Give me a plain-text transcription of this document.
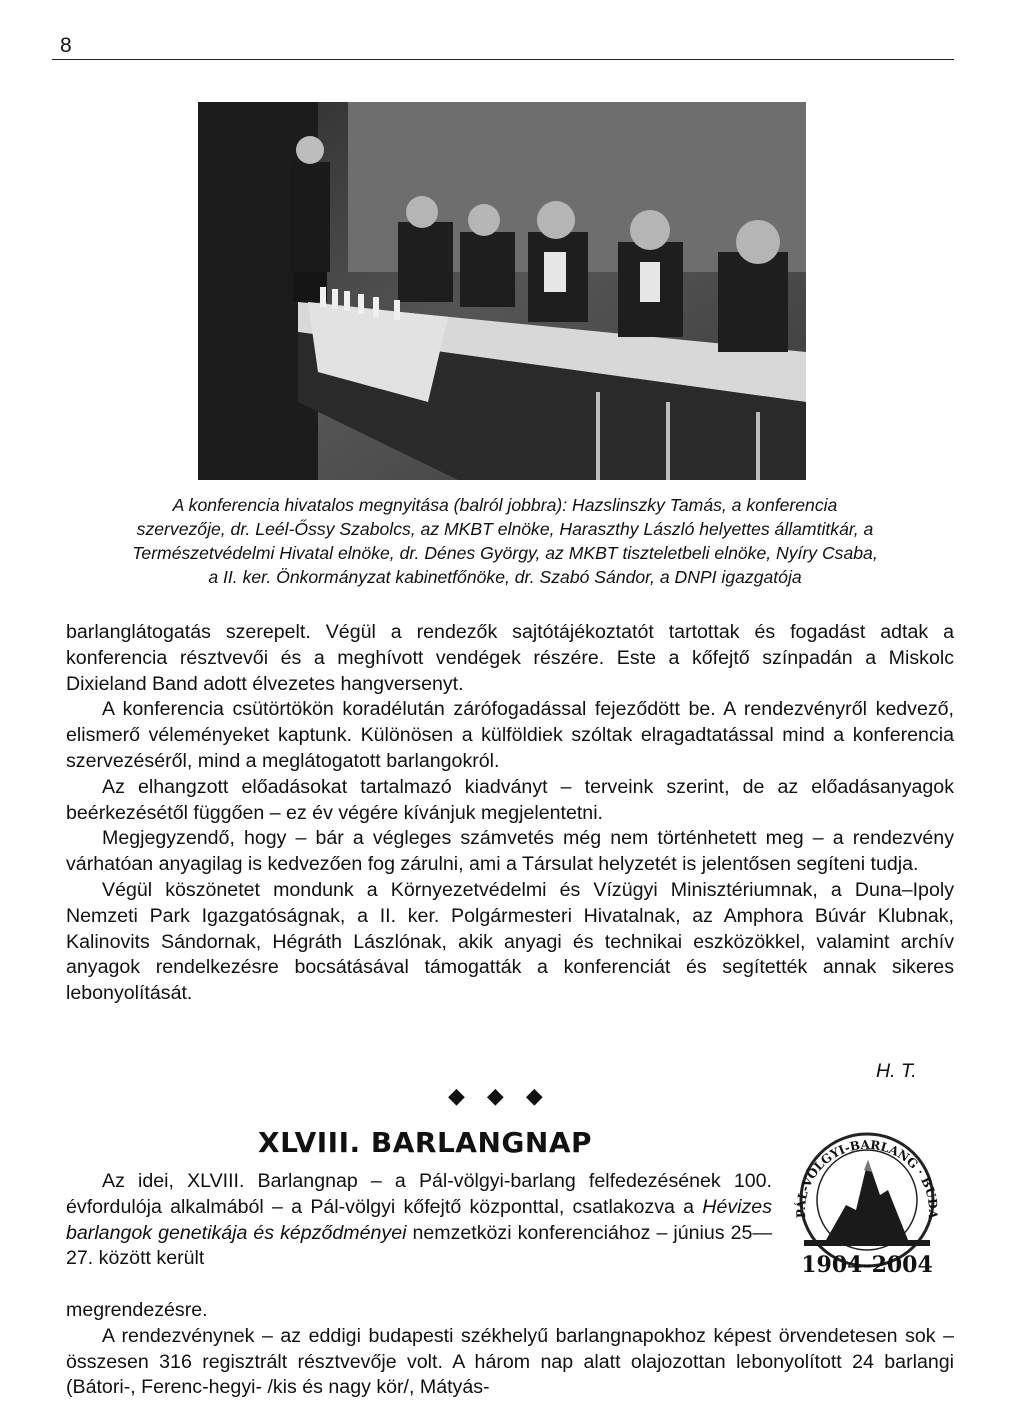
8
A konferencia hivatalos megnyitása (balról jobbra): Hazslinszky Tamás, a konferencia
szervezője, dr. Leél-Őssy Szabolcs, az MKBT elnöke, Haraszthy László helyettes államtitkár, a
Természetvédelmi Hivatal elnöke, dr. Dénes György, az MKBT tiszteletbeli elnöke, Nyíry Csaba,
a II. ker. Önkormányzat kabinetfőnöke, dr. Szabó Sándor, a DNPI igazgatója

barlanglátogatás szerepelt. Végül a rendezők sajtótájékoztatót tartottak és fogadást adtak a konferencia résztvevői és a meghívott vendégek részére. Este a kőfejtő színpadán a Miskolc Dixieland Band adott élvezetes hangversenyt.

A konferencia csütörtökön koradélután zárófogadással fejeződött be. A rendezvényről kedvező, elismerő véleményeket kaptunk. Különösen a külföldiek szóltak elragadtatással mind a konferencia szervezéséről, mind a meglátogatott barlangokról.

Az elhangzott előadásokat tartalmazó kiadványt – terveink szerint, de az előadásanyagok beérkezésétől függően – ez év végére kívánjuk megjelentetni.

Megjegyzendő, hogy – bár a végleges számvetés még nem történhetett meg – a rendezvény várhatóan anyagilag is kedvezően fog zárulni, ami a Társulat helyzetét is jelentősen segíteni tudja.

Végül köszönetet mondunk a Környezetvédelmi és Vízügyi Minisztériumnak, a Duna–Ipoly Nemzeti Park Igazgatóságnak, a II. ker. Polgármesteri Hivatalnak, az Amphora Búvár Klubnak, Kalinovits Sándornak, Hégráth Lászlónak, akik anyagi és technikai eszközökkel, valamint archív anyagok rendelkezésre bocsátásával támogatták a konferenciát és segítették annak sikeres lebonyolítását.

H. T.
◆◆◆
XLVIII. BARLANGNAP
PÁL-VÖLGYI-BARLANG · BUDA
1904-2004

Az idei, XLVIII. Barlangnap – a Pál-völgyi-barlang felfedezésének 100. évfordulója alkalmából – a Pál-völgyi kőfejtő központtal, csatlakozva a Hévizes barlangok genetikája és képződményei nemzetközi konferenciához – június 25—27. között került

megrendezésre.

A rendezvénynek – az eddigi budapesti székhelyű barlangnapokhoz képest örvendetesen sok – összesen 316 regisztrált résztvevője volt. A három nap alatt olajozottan lebonyolított 24 barlangi (Bátori-, Ferenc-hegyi- /kis és nagy kör/, Mátyás-
